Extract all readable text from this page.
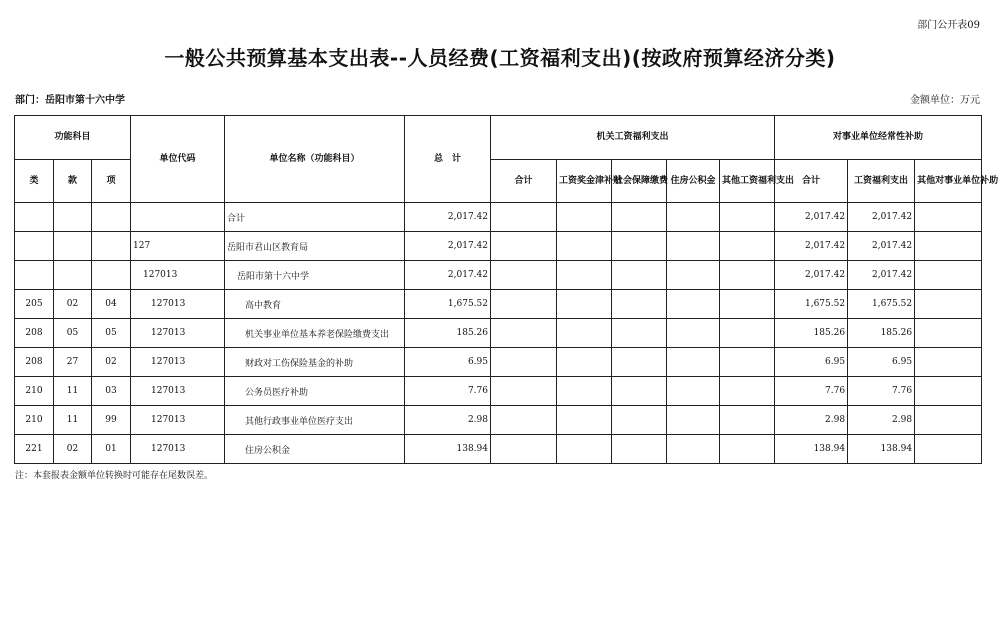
部门公开表09
一般公共预算基本支出表--人员经费(工资福利支出)(按政府预算经济分类)
部门：岳阳市第十六中学	金额单位：万元
功能科目			单位代码	单位名称（功能科目）	总　计	机关工资福利支出					对事业单位经常性补助		
类	款	项				合计	工资奖金津补贴	社会保障缴费	住房公积金	其他工资福利支出	合计	工资福利支出	其他对事业单位补助
				合计	2,017.42						2,017.42	2,017.42	
			127	岳阳市君山区教育局	2,017.42						2,017.42	2,017.42	
			127013	岳阳市第十六中学	2,017.42						2,017.42	2,017.42	
205	02	04	127013	高中教育	1,675.52						1,675.52	1,675.52	
208	05	05	127013	机关事业单位基本养老保险缴费支出	185.26						185.26	185.26	
208	27	02	127013	财政对工伤保险基金的补助	6.95						6.95	6.95	
210	11	03	127013	公务员医疗补助	7.76						7.76	7.76	
210	11	99	127013	其他行政事业单位医疗支出	2.98						2.98	2.98	
221	02	01	127013	住房公积金	138.94						138.94	138.94	
注：本套报表金额单位转换时可能存在尾数误差。
